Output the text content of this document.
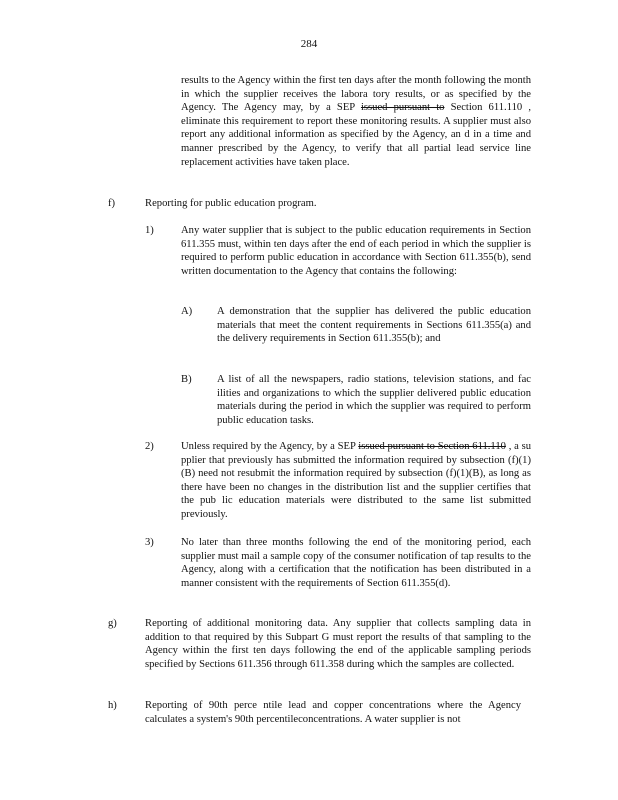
284
results to the Agency within the first ten days after the month following the month in which the supplier receives the labora tory results, or as specified by the Agency. The Agency may, by a SEP issued pursuant to Section 611.110 , eliminate this requirement to report these monitoring results. A supplier must also report any additional information as specified by the Agency, an d in a time and manner prescribed by the Agency, to verify that all partial lead service line replacement activities have taken place.
f)	Reporting for public education program.
1)	Any water supplier that is subject to the public education requirements in Section 611.355 must, within ten days after the end of each period in which the supplier is required to perform public education in accordance with Section 611.355(b), send written documentation to the Agency that contains the following:
A) A demonstration that the supplier has delivered the public education materials that meet the content requirements in Sections 611.355(a) and the delivery requirements in Section 611.355(b); and
B) A list of all the newspapers, radio stations, television stations, and fac ilities and organizations to which the supplier delivered public education materials during the period in which the supplier was required to perform public education tasks.
2)	Unless required by the Agency, by a SEP issued pursuant to Section 611.110 , a su pplier that previously has submitted the information required by subsection (f)(1)(B) need not resubmit the information required by subsection (f)(1)(B), as long as there have been no changes in the distribution list and the supplier certifies that the pub lic education materials were distributed to the same list submitted previously.
3)	No later than three months following the end of the monitoring period, each supplier must mail a sample copy of the consumer notification of tap results to the Agency, along with a certification that the notification has been distributed in a manner consistent with the requirements of Section 611.355(d).
g)	Reporting of additional monitoring data. Any supplier that collects sampling data in addition to that required by this Subpart G must report the results of that sampling to the Agency within the first ten days following the end of the applicable sampling periods specified by Sections 611.356 through 611.358 during which the samples are collected.
h)	Reporting of 90th perce ntile lead and copper concentrations where the Agency calculates a system's 90th percentileconcentrations. A water supplier is not
